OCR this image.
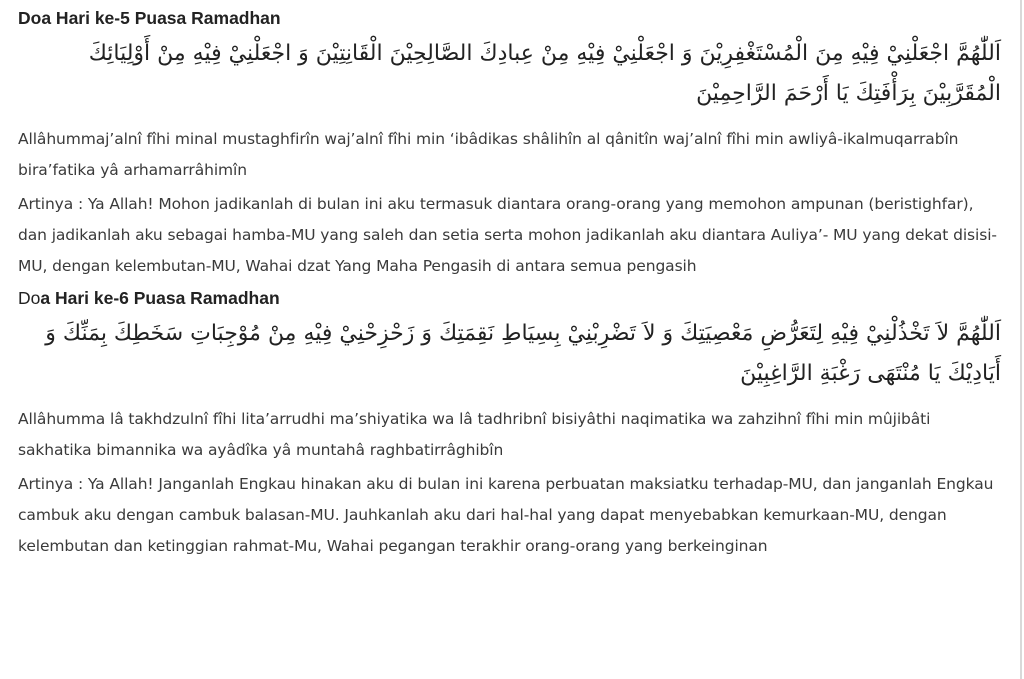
Doa Hari ke-5 Puasa Ramadhan
اَللّٰهُمَّ اجْعَلْنِيْ فِيْهِ مِنَ الْمُسْتَغْفِرِيْنَ وَ اجْعَلْنِيْ فِيْهِ مِنْ عِبادِكَ الصَّالِحِيْنَ الْقَانِتِيْنَ وَ اجْعَلْنِيْ فِيْهِ مِنْ أَوْلِيَائِكَ الْمُقَرَّبِيْنَ بِرَأْفَتِكَ يَا أَرْحَمَ الرَّاحِمِيْنَ

Allâhummaj’alnî fîhi minal mustaghfirîn waj’alnî fîhi min ‘ibâdikas shâlihîn al qânitîn waj’alnî fîhi min awliyâ-ikalmuqarrabîn bira’fatika yâ arhamarrâhimîn

Artinya : Ya Allah! Mohon jadikanlah di bulan ini aku termasuk diantara orang-orang yang memohon ampunan (beristighfar), dan jadikanlah aku sebagai hamba-MU yang saleh dan setia serta mohon jadikanlah aku diantara Auliya’- MU yang dekat disisi-MU, dengan kelembutan-MU, Wahai dzat Yang Maha Pengasih di antara semua pengasih

Doa Hari ke-6 Puasa Ramadhan
اَللّٰهُمَّ لاَ تَخْذُلْنِيْ فِيْهِ لِتَعَرُّضِ مَعْصِيَتِكَ وَ لاَ تَضْرِبْنِيْ بِسِيَاطِ نَقِمَتِكَ وَ زَحْزِحْنِيْ فِيْهِ مِنْ مُوْجِبَاتِ سَخَطِكَ بِمَنِّكَ وَ أَيَادِيْكَ يَا مُنْتَهَى رَغْبَةِ الرَّاغِبِيْنَ

Allâhumma lâ takhdzulnî fîhi lita’arrudhi ma’shiyatika wa lâ tadhribnî bisiyâthi naqimatika wa zahzihnî fîhi min mûjibâti sakhatika bimannika wa ayâdîka yâ muntahâ raghbatirrâghibîn

Artinya : Ya Allah! Janganlah Engkau hinakan aku di bulan ini karena perbuatan maksiatku terhadap-MU, dan janganlah Engkau cambuk aku dengan cambuk balasan-MU. Jauhkanlah aku dari hal-hal yang dapat menyebabkan kemurkaan-MU, dengan kelembutan dan ketinggian rahmat-Mu, Wahai pegangan terakhir orang-orang yang berkeinginan
